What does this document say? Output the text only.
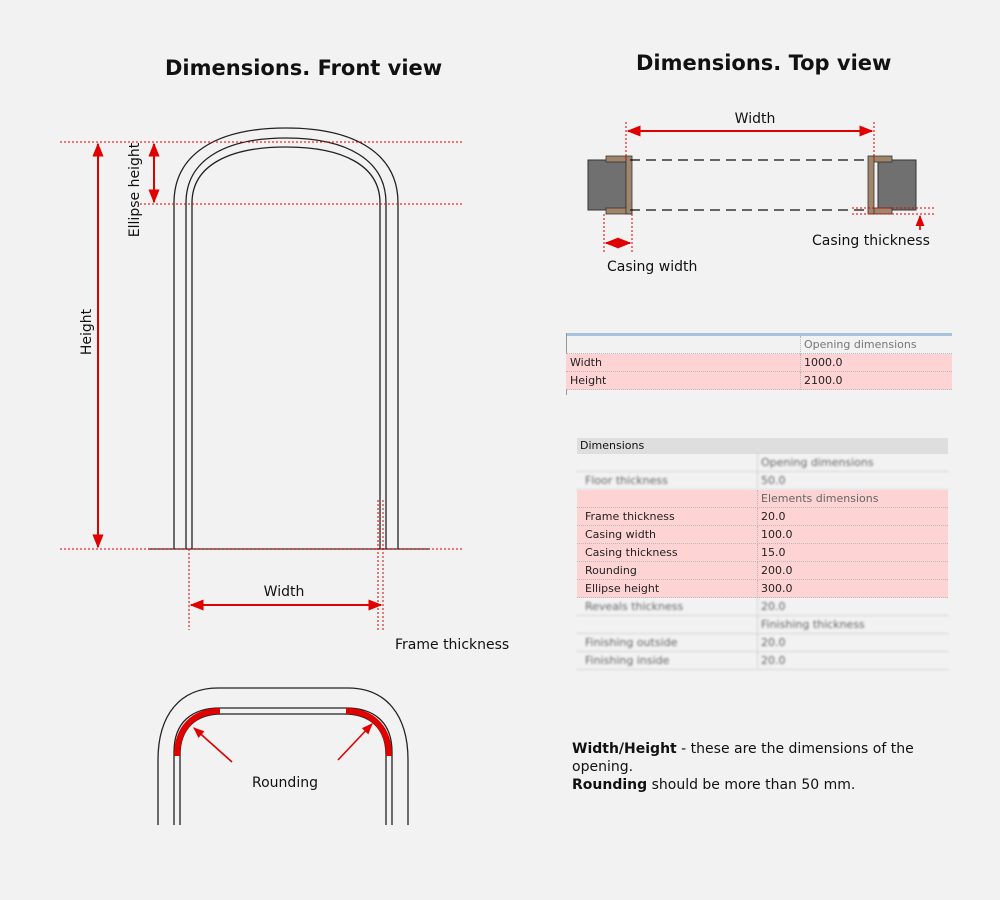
Dimensions. Front view	Dimensions. Top view
Height
Ellipse height
Width
Frame thickness
Rounding
Width
Casing width
Casing thickness
Opening dimensions
Width	1000.0
Height	2100.0
Dimensions
Opening dimensions
Floor thickness	50.0
Elements dimensions
Frame thickness	20.0
Casing width	100.0
Casing thickness	15.0
Rounding	200.0
Ellipse height	300.0
Reveals thickness	20.0
Finishing thickness
Finishing outside	20.0
Finishing inside	20.0
Width/Height - these are the dimensions of the opening.
Rounding should be more than 50 mm.
